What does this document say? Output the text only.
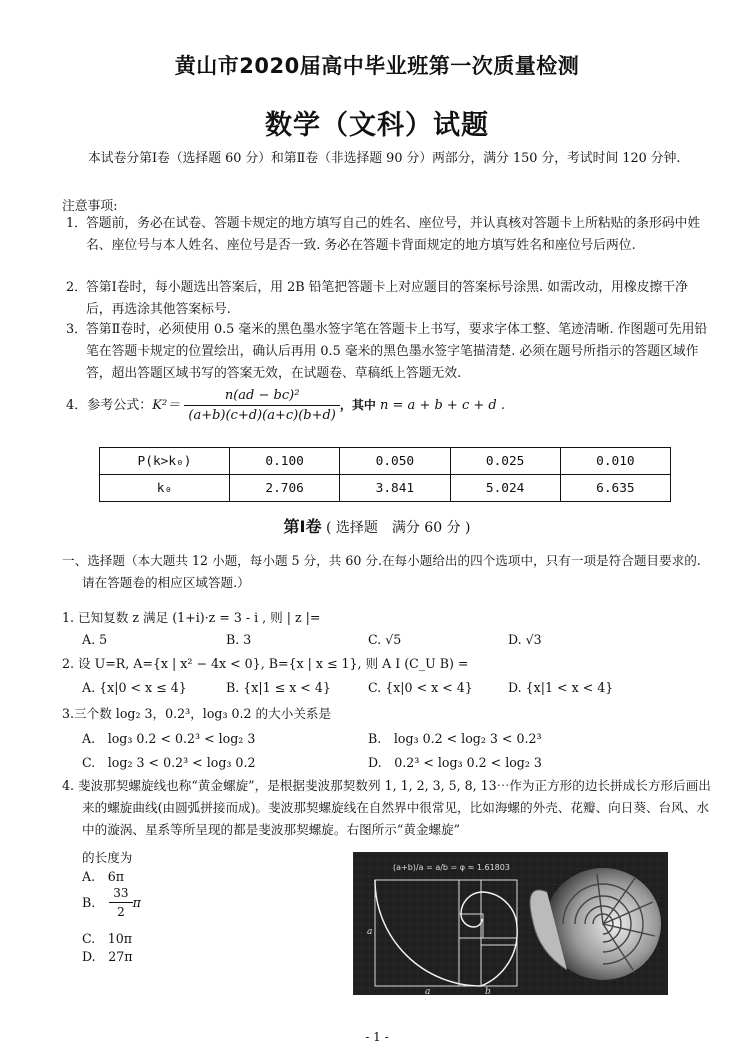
黄山市2020届高中毕业班第一次质量检测
数学（文科）试题
本试卷分第Ⅰ卷（选择题 60 分）和第Ⅱ卷（非选择题 90 分）两部分，满分 150 分，考试时间 120 分钟.
注意事项:
1． 答题前，务必在试卷、答题卡规定的地方填写自己的姓名、座位号，并认真核对答题卡上所粘贴的条形码中姓名、座位号与本人姓名、座位号是否一致. 务必在答题卡背面规定的地方填写姓名和座位号后两位.
2． 答第Ⅰ卷时，每小题选出答案后，用 2B 铅笔把答题卡上对应题目的答案标号涂黑. 如需改动，用橡皮擦干净后，再选涂其他答案标号.
3． 答第Ⅱ卷时，必须使用 0.5 毫米的黑色墨水签字笔在答题卡上书写，要求字体工整、笔迹清晰. 作图题可先用铅笔在答题卡规定的位置绘出，确认后再用 0.5 毫米的黑色墨水签字笔描清楚. 必须在题号所指示的答题区域作答，超出答题区域书写的答案无效，在试题卷、草稿纸上答题无效.
4．参考公式：$K^2= \frac{\text{n(ad − bc)²}}{(a+b)(c+d)(a+c)(b+d)}$ ，其中 n = a + b + c + d .
P(k>k₀)	0.100	0.050	0.025	0.010
k₀	2.706	3.841	5.024	6.635
第Ⅰ卷 ( 选择题　满分 60 分 )
一、选择题（本大题共 12 小题，每小题 5 分，共 60 分.在每小题给出的四个选项中，只有一项是符合题目要求的. 请在答题卷的相应区域答题.）
1. 已知复数 z 满足 (1+i)·z = 3 - i , 则 | z |=
A. 5	B. 3	C. √5	D. √3
2. 设 U=R, A={x | x² − 4x < 0}, B={x | x ≤ 1}, 则 A I (C_U B) =
A. {x|0 < x ≤ 4}	B. {x|1 ≤ x < 4}	C. {x|0 < x < 4}	D. {x|1 < x < 4}
3.三个数 log₂ 3，0.2³，log₃ 0.2 的大小关系是
A.　log₃ 0.2 < 0.2³ < log₂ 3	B.　log₃ 0.2 < log₂ 3 < 0.2³
C.　log₂ 3 < 0.2³ < log₃ 0.2	D.　0.2³ < log₃ 0.2 < log₂ 3
4. 斐波那契螺旋线也称“黄金螺旋”，是根据斐波那契数列 1, 1, 2, 3, 5, 8, 13⋯作为正方形的边长拼成长方形后画出来的螺旋曲线(由圆弧拼接而成)。斐波那契螺旋线在自然界中很常见，比如海螺的外壳、花瓣、向日葵、台风、水中的漩涡、星系等所呈现的都是斐波那契螺旋。右图所示“黄金螺旋”
的长度为
A.　6π
B. $\frac{33}{2}$ π
C.　10π
D.　27π
(a+b)/a = a/b = φ ≈ 1.61803
a
a	b
- 1 -
